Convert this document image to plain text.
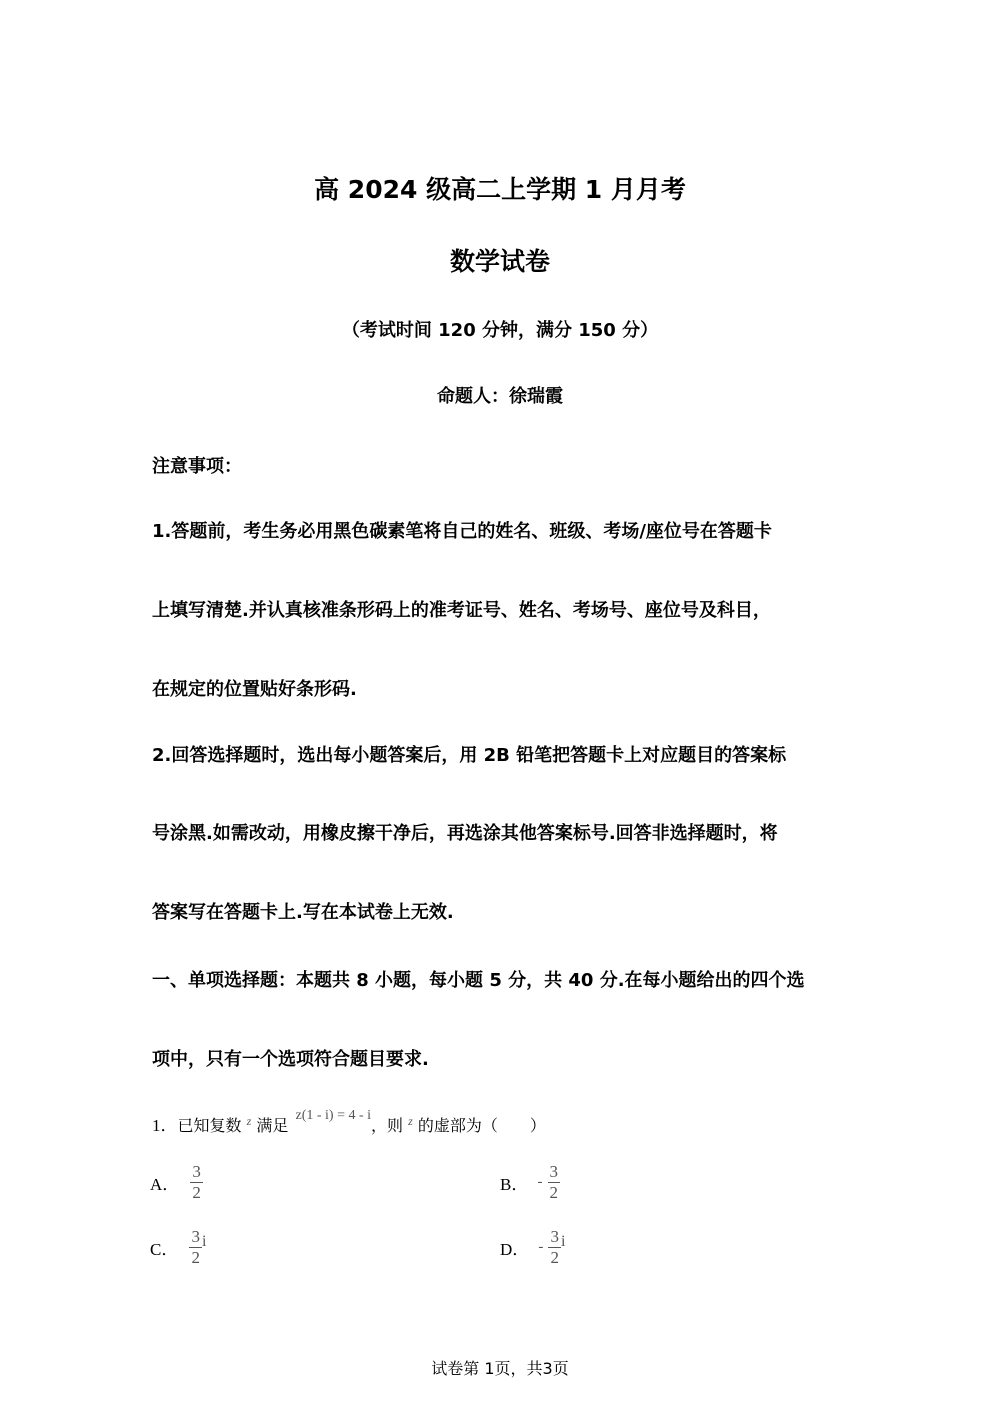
高 2024 级高二上学期 1 月月考
数学试卷
（考试时间 120 分钟，满分 150 分）
命题人：徐瑞霞
注意事项：
1.答题前，考生务必用黑色碳素笔将自己的姓名、班级、考场/座位号在答题卡
上填写清楚.并认真核准条形码上的准考证号、姓名、考场号、座位号及科目，
在规定的位置贴好条形码.
2.回答选择题时，选出每小题答案后，用 2B 铅笔把答题卡上对应题目的答案标
号涂黑.如需改动，用橡皮擦干净后，再选涂其他答案标号.回答非选择题时，将
答案写在答题卡上.写在本试卷上无效.
一、单项选择题：本题共 8 小题，每小题 5 分，共 40 分.在每小题给出的四个选
项中，只有一个选项符合题目要求.
1．已知复数 $^z$ 满足 z(1 - i) = 4 - i，则 $^z$ 的虚部为（　　）
A． $\frac{3}{2}$	B． - $\frac{3}{2}$
C． $\frac{3}{2}$ i	D． - $\frac{3}{2}$ i
试卷第 1页，共3页
